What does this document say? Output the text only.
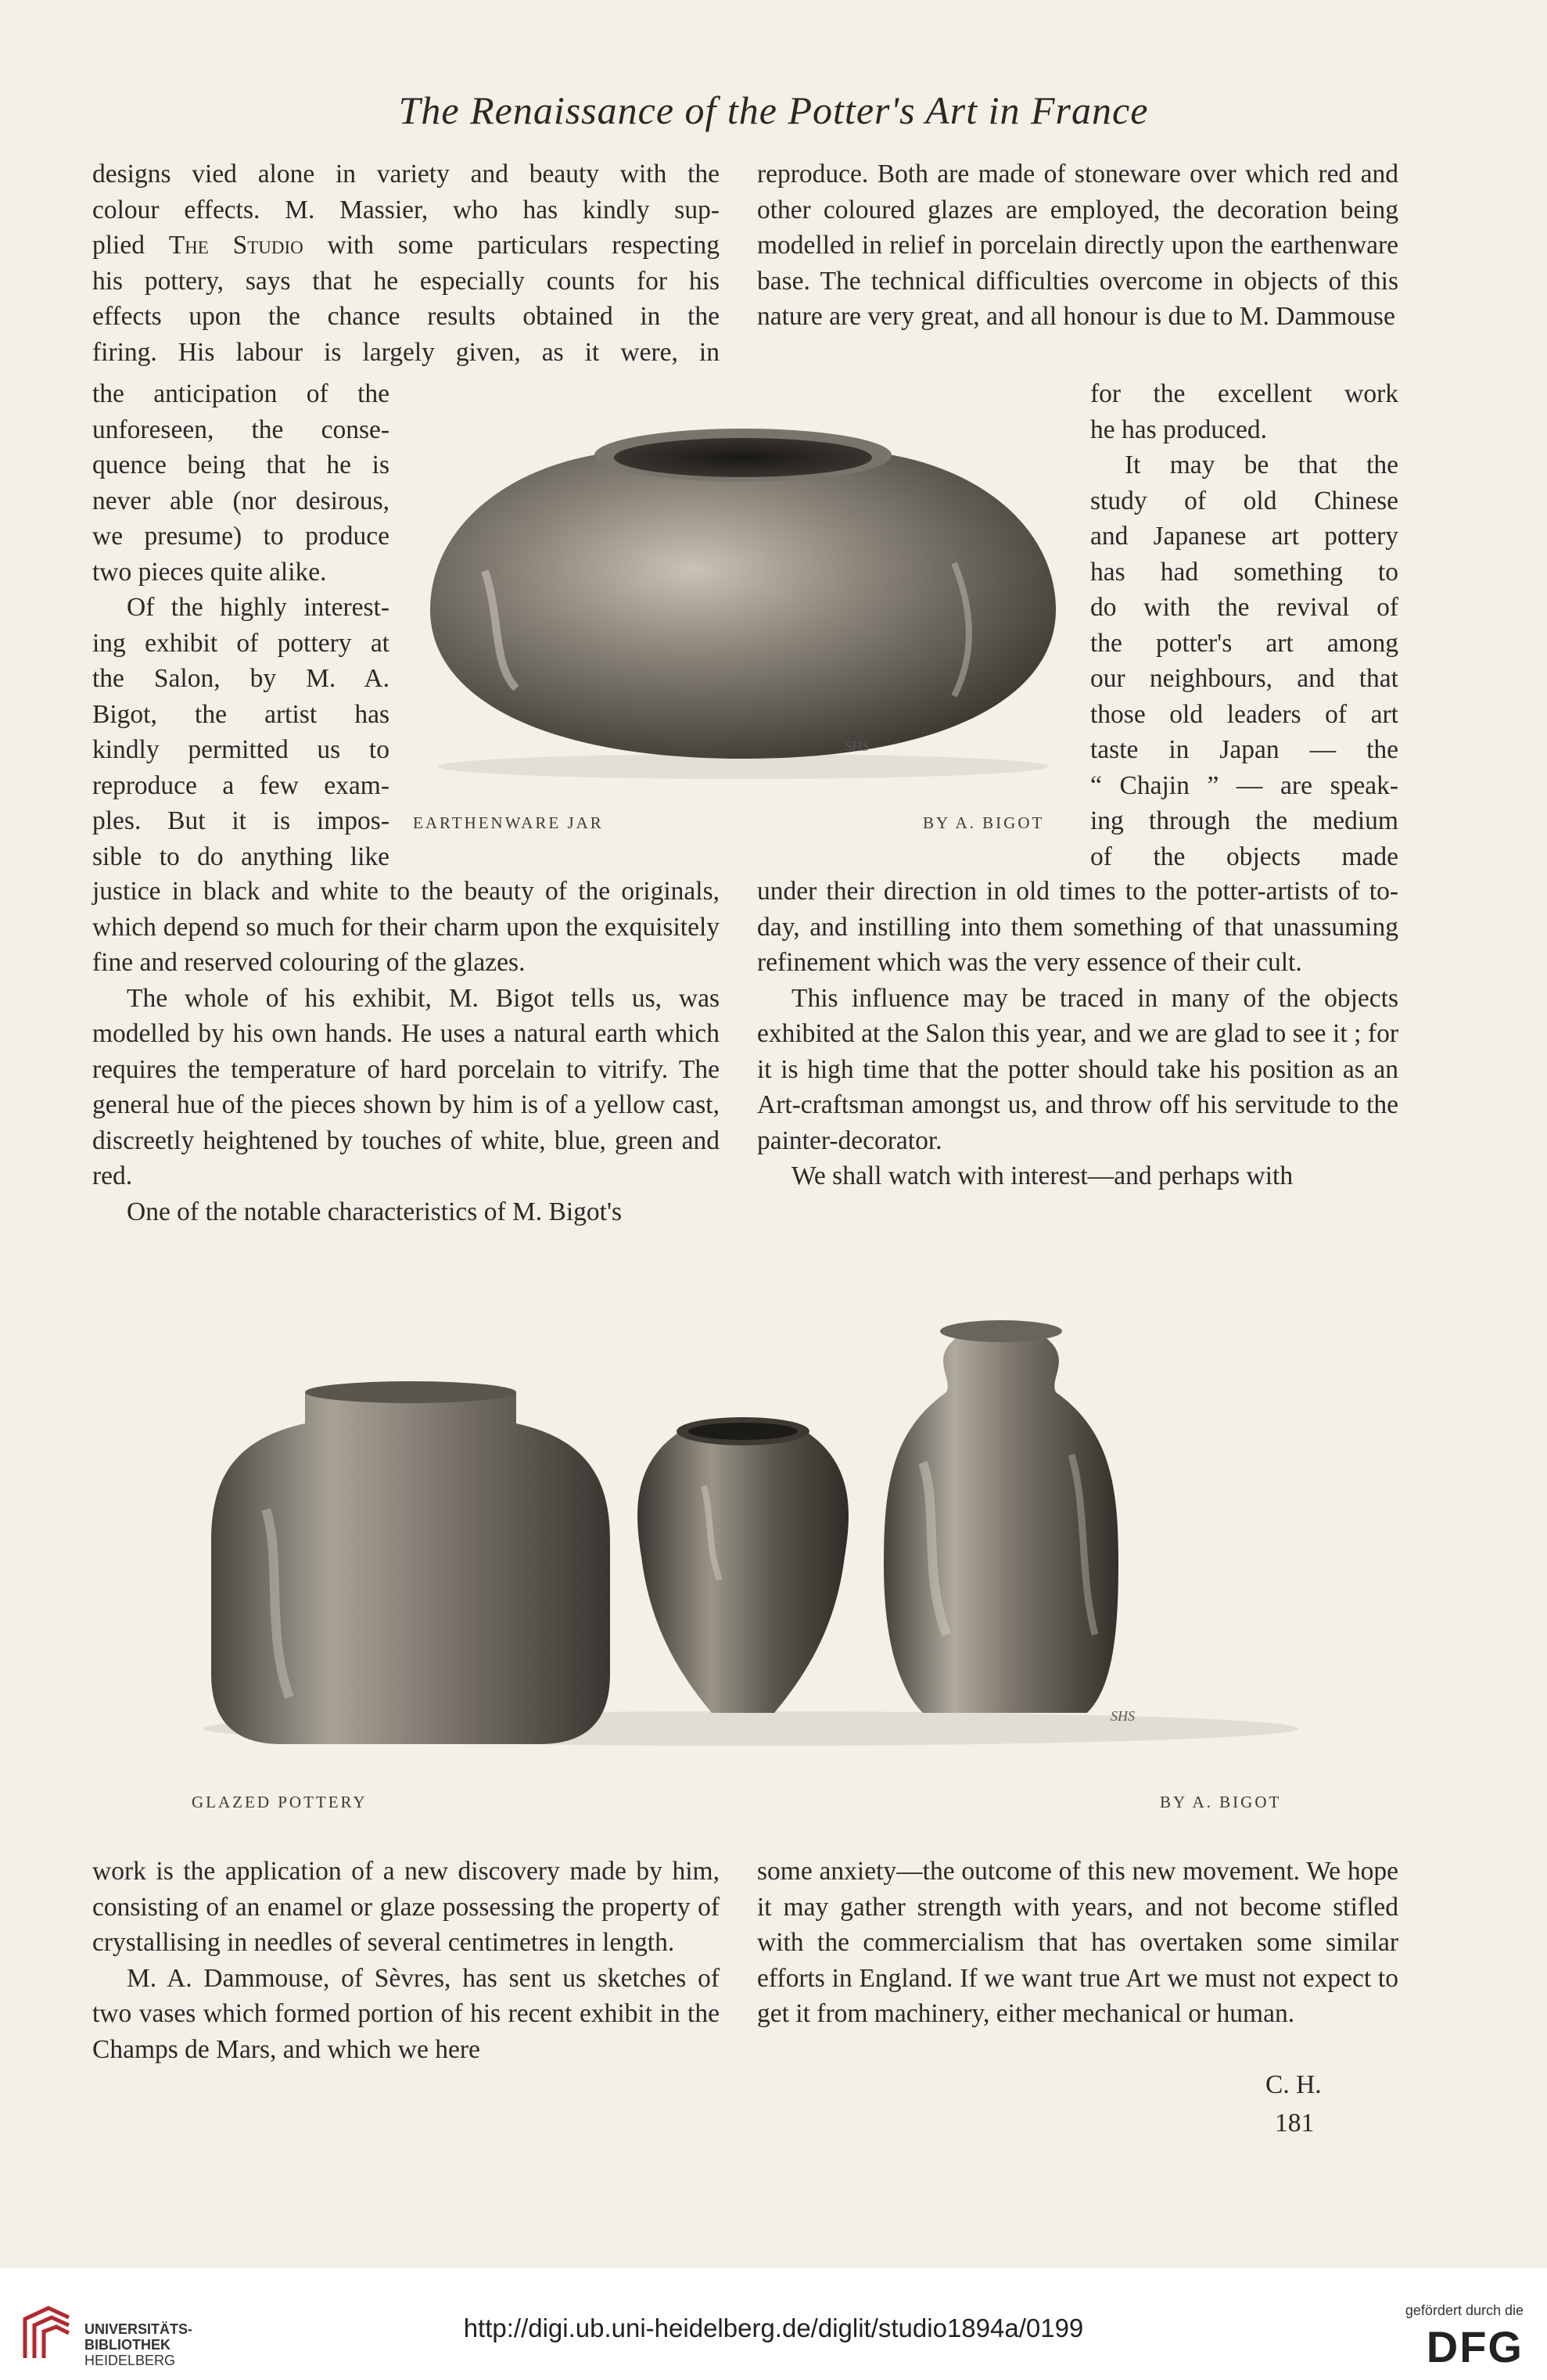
The Renaissance of the Potter's Art in France
designs vied alone in variety and beauty with the
colour effects. M. Massier, who has kindly sup-
plied The Studio with some particulars respecting
his pottery, says that he especially counts for his
effects upon the chance results obtained in the
firing. His labour is largely given, as it were, in
the anticipation of the
unforeseen, the conse-
quence being that he is
never able (nor desirous,
we presume) to produce
two pieces quite alike.
Of the highly interest-
ing exhibit of pottery at
the Salon, by M. A.
Bigot, the artist has
kindly permitted us to
reproduce a few exam-
ples. But it is impos-
sible to do anything like

justice in black and white to the beauty of the originals, which depend so much for their charm upon the exquisitely fine and reserved colouring of the glazes.

The whole of his exhibit, M. Bigot tells us, was modelled by his own hands. He uses a natural earth which requires the temperature of hard porcelain to vitrify. The general hue of the pieces shown by him is of a yellow cast, discreetly heightened by touches of white, blue, green and red.

One of the notable characteristics of M. Bigot's

reproduce. Both are made of stoneware over which red and other coloured glazes are employed, the decoration being modelled in relief in porcelain directly upon the earthenware base. The technical difficulties overcome in objects of this nature are very great, and all honour is due to M. Dammouse

for the excellent work
he has produced.
It may be that the
study of old Chinese
and Japanese art pottery
has had something to
do with the revival of
the potter's art among
our neighbours, and that
those old leaders of art
taste in Japan — the
“ Chajin ” — are speak-
ing through the medium
of the objects made

under their direction in old times to the potter-artists of to-day, and instilling into them something of that unassuming refinement which was the very essence of their cult.

This influence may be traced in many of the objects exhibited at the Salon this year, and we are glad to see it ; for it is high time that the potter should take his position as an Art-craftsman amongst us, and throw off his servitude to the painter-decorator.

We shall watch with interest—and perhaps with

SHS
EARTHENWARE JAR	BY A. BIGOT
SHS
GLAZED POTTERY	BY A. BIGOT

work is the application of a new discovery made by him, consisting of an enamel or glaze possessing the property of crystallising in needles of several centimetres in length.

M. A. Dammouse, of Sèvres, has sent us sketches of two vases which formed portion of his recent exhibit in the Champs de Mars, and which we here

some anxiety—the outcome of this new movement. We hope it may gather strength with years, and not become stifled with the commercialism that has overtaken some similar efforts in England. If we want true Art we must not expect to get it from machinery, either mechanical or human.

C. H.
181
UNIVERSITÄTS-
BIBLIOTHEK
HEIDELBERG
http://digi.ub.uni-heidelberg.de/diglit/studio1894a/0199
gefördert durch die
DFG
